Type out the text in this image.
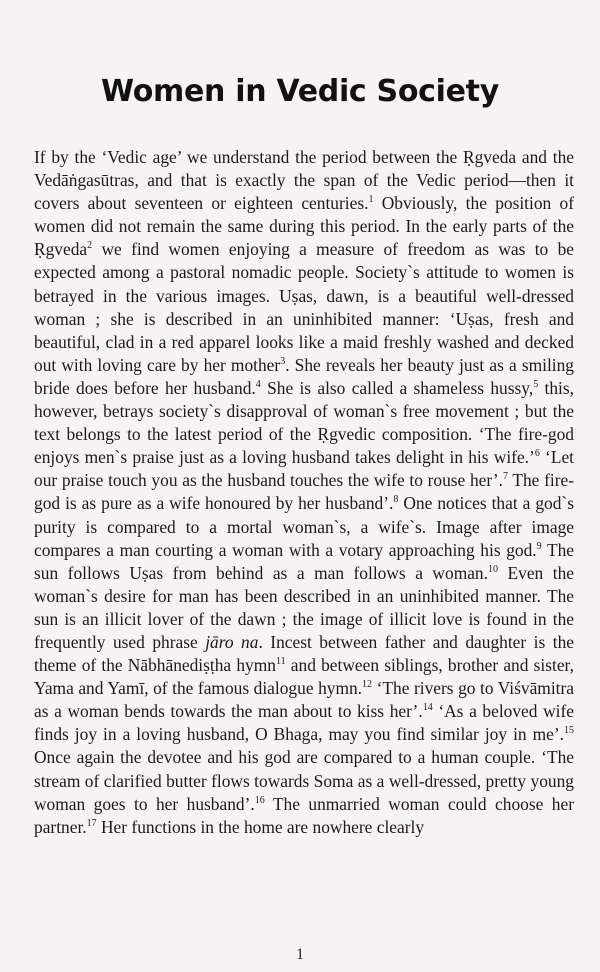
Women in Vedic Society

If by the ‘Vedic age’ we understand the period between the Ṛgveda and the Vedāṅgasūtras, and that is exactly the span of the Vedic period—then it covers about seventeen or eighteen centuries.$^1$ Obviously, the position of women did not remain the same during this period. In the early parts of the Ṛgveda$^2$ we find women enjoying a measure of freedom as was to be expected among a pastoral nomadic people. Society`s attitude to women is betrayed in the various images. Uṣas, dawn, is a beautiful well-dressed woman ; she is described in an uninhibited manner: ‘Uṣas, fresh and beautiful, clad in a red apparel looks like a maid freshly washed and decked out with loving care by her mother$^3$. She reveals her beauty just as a smiling bride does before her husband.$^4$ She is also called a shameless hussy,$^5$ this, however, betrays society`s disapproval of woman`s free movement ; but the text belongs to the latest period of the Ṛgvedic composition. ‘The fire-god enjoys men`s praise just as a loving husband takes delight in his wife.’$^6$ ‘Let our praise touch you as the husband touches the wife to rouse her’.$^7$ The fire-god is as pure as a wife honoured by her husband’.$^8$ One notices that a god`s purity is compared to a mortal woman`s, a wife`s. Image after image compares a man courting a woman with a votary approaching his god.$^9$ The sun follows Uṣas from behind as a man follows a woman.$^{10}$ Even the woman`s desire for man has been described in an uninhibited manner. The sun is an illicit lover of the dawn ; the image of illicit love is found in the frequently used phrase jāro na. Incest between father and daughter is the theme of the Nābhānediṣṭha hymn$^{11}$ and between siblings, brother and sister, Yama and Yamī, of the famous dialogue hymn.$^{12}$ ‘The rivers go to Viśvāmitra as a woman bends towards the man about to kiss her’.$^{14}$ ‘As a beloved wife finds joy in a loving husband, O Bhaga, may you find similar joy in me’.$^{15}$ Once again the devotee and his god are compared to a human couple. ‘The stream of clarified butter flows towards Soma as a well-dressed, pretty young woman goes to her husband’.$^{16}$ The unmarried woman could choose her partner.$^{17}$ Her functions in the home are nowhere clearly

1
